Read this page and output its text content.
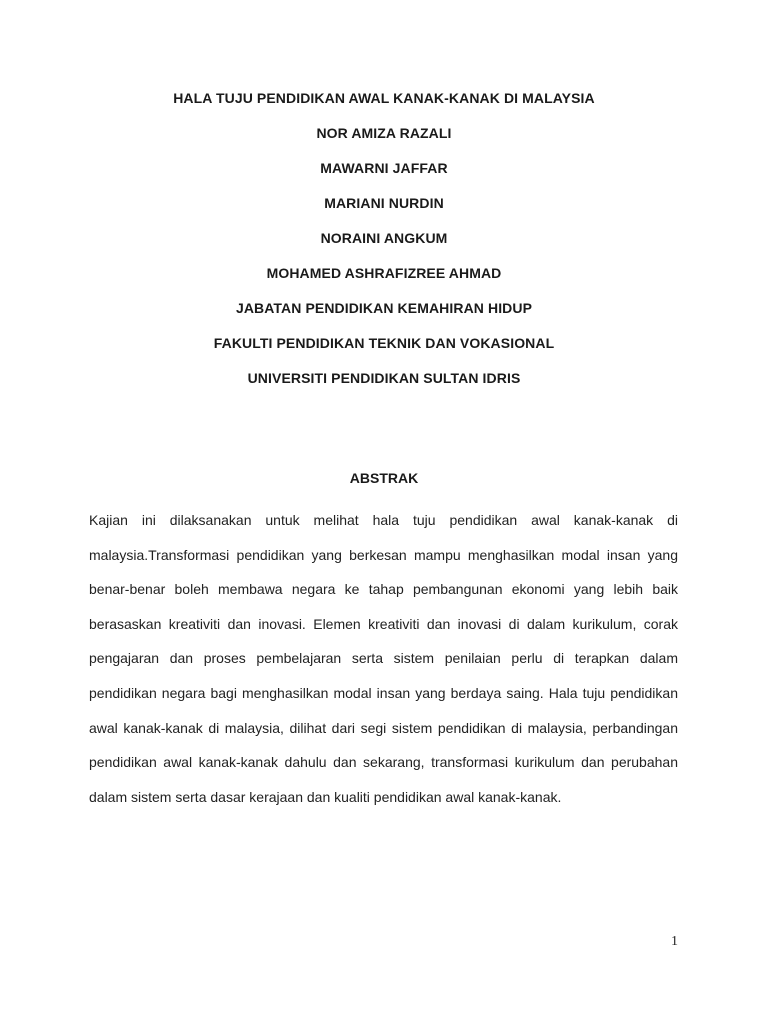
HALA TUJU PENDIDIKAN AWAL KANAK-KANAK DI MALAYSIA
NOR AMIZA RAZALI
MAWARNI JAFFAR
MARIANI NURDIN
NORAINI ANGKUM
MOHAMED ASHRAFIZREE AHMAD
JABATAN PENDIDIKAN KEMAHIRAN HIDUP
FAKULTI PENDIDIKAN TEKNIK DAN VOKASIONAL
UNIVERSITI PENDIDIKAN SULTAN IDRIS
ABSTRAK
Kajian ini dilaksanakan untuk melihat hala tuju pendidikan awal kanak-kanak di malaysia.Transformasi pendidikan yang berkesan mampu menghasilkan modal insan yang benar-benar boleh membawa negara ke tahap pembangunan ekonomi yang lebih baik berasaskan kreativiti dan inovasi. Elemen kreativiti dan inovasi di dalam kurikulum, corak pengajaran dan proses pembelajaran serta sistem penilaian perlu di terapkan dalam pendidikan negara bagi menghasilkan modal insan yang berdaya saing. Hala tuju pendidikan awal kanak-kanak di malaysia, dilihat dari segi sistem pendidikan di malaysia, perbandingan pendidikan awal kanak-kanak dahulu dan sekarang, transformasi kurikulum dan perubahan dalam sistem serta dasar kerajaan dan kualiti pendidikan awal kanak-kanak.
1
